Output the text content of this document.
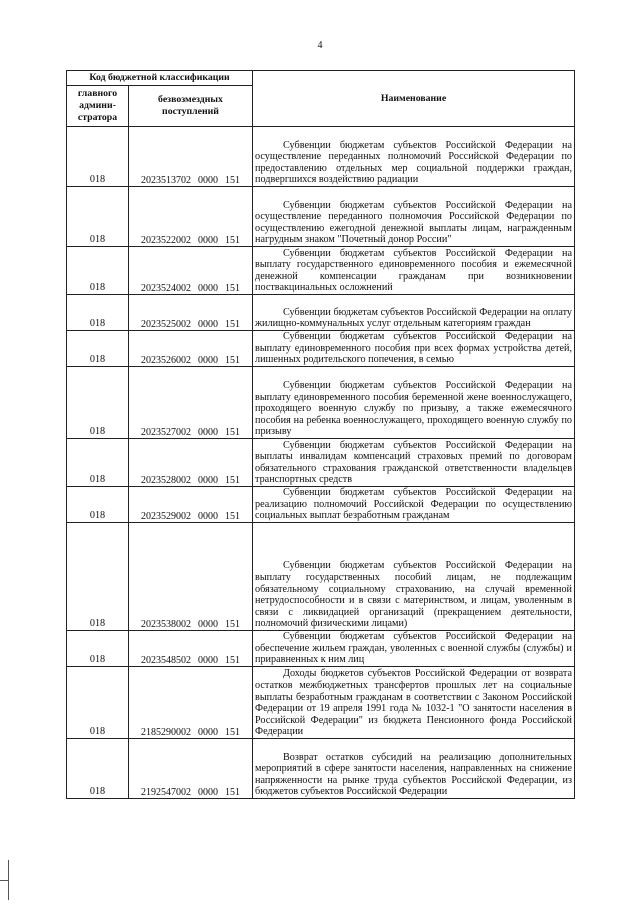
4
Код бюджетной классификации		Наименование
главного админи-стратора	безвозмездных поступлений	
018	2023513702 0000 151	Субвенции бюджетам субъектов Российской Федерации на осуществление переданных полномочий Российской Федерации по предоставлению отдельных мер социальной поддержки граждан, подвергшихся воздействию радиации
018	2023522002 0000 151	Субвенции бюджетам субъектов Российской Федерации на осуществление переданного полномочия Российской Федерации по осуществлению ежегодной денежной выплаты лицам, награжденным нагрудным знаком "Почетный донор России"
018	2023524002 0000 151	Субвенции бюджетам субъектов Российской Федерации на выплату государственного единовременного пособия и ежемесячной денежной компенсации гражданам при возникновении поствакцинальных осложнений
018	2023525002 0000 151	Субвенции бюджетам субъектов Российской Федерации на оплату жилищно-коммунальных услуг отдельным категориям граждан
018	2023526002 0000 151	Субвенции бюджетам субъектов Российской Федерации на выплату единовременного пособия при всех формах устройства детей, лишенных родительского попечения, в семью
018	2023527002 0000 151	Субвенции бюджетам субъектов Российской Федерации на выплату единовременного пособия беременной жене военнослужащего, проходящего военную службу по призыву, а также ежемесячного пособия на ребенка военнослужащего, проходящего военную службу по призыву
018	2023528002 0000 151	Субвенции бюджетам субъектов Российской Федерации на выплаты инвалидам компенсаций страховых премий по договорам обязательного страхования гражданской ответственности владельцев транспортных средств
018	2023529002 0000 151	Субвенции бюджетам субъектов Российской Федерации на реализацию полномочий Российской Федерации по осуществлению социальных выплат безработным гражданам
018	2023538002 0000 151	Субвенции бюджетам субъектов Российской Федерации на выплату государственных пособий лицам, не подлежащим обязательному социальному страхованию, на случай временной нетрудоспособности и в связи с материнством, и лицам, уволенным в связи с ликвидацией организаций (прекращением деятельности, полномочий физическими лицами)
018	2023548502 0000 151	Субвенции бюджетам субъектов Российской Федерации на обеспечение жильем граждан, уволенных с военной службы (службы) и приравненных к ним лиц
018	2185290002 0000 151	Доходы бюджетов субъектов Российской Федерации от возврата остатков межбюджетных трансфертов прошлых лет на социальные выплаты безработным гражданам в соответствии с Законом Российской Федерации от 19 апреля 1991 года № 1032-1 "О занятости населения в Российской Федерации" из бюджета Пенсионного фонда Российской Федерации
018	2192547002 0000 151	Возврат остатков субсидий на реализацию дополнительных мероприятий в сфере занятости населения, направленных на снижение напряженности на рынке труда субъектов Российской Федерации, из бюджетов субъектов Российской Федерации
